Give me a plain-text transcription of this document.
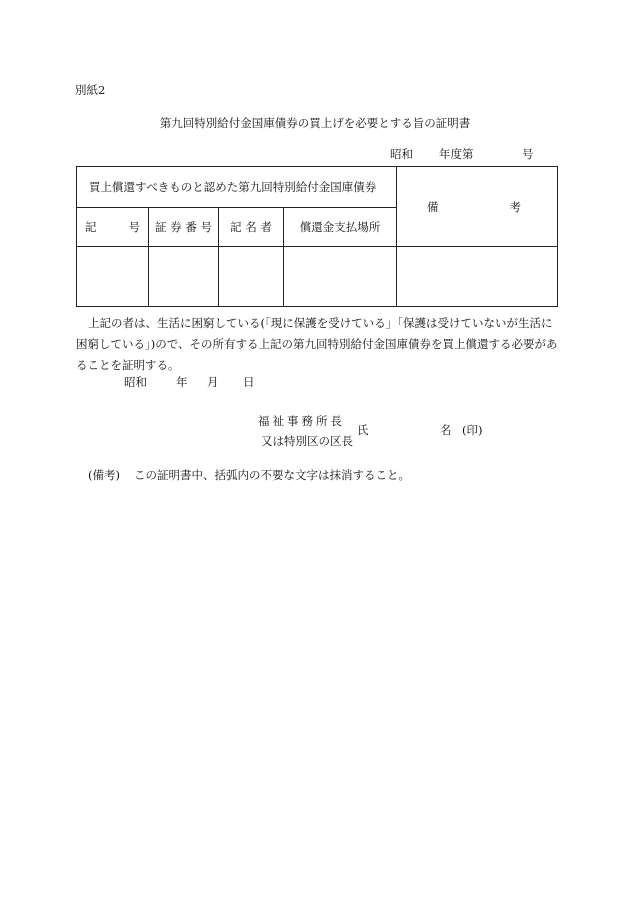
別紙2
第九回特別給付金国庫債券の買上げを必要とする旨の証明書
昭和 年度第	号
買上償還すべきものと認めた第九回特別給付金国庫債券				備 考

記 号	証 券 番 号	記 名 者	償還金支払場所	

上記の者は、生活に困窮している(「現に保護を受けている」「保護は受けていないが生活に困窮している」)ので、その所有する上記の第九回特別給付金国庫債券を買上償還する必要があることを証明する。
昭和	年 月 日
福祉事務所長
又は特別区の区長
氏	名 (印)
(備考) この証明書中、括弧内の不要な文字は抹消すること。
